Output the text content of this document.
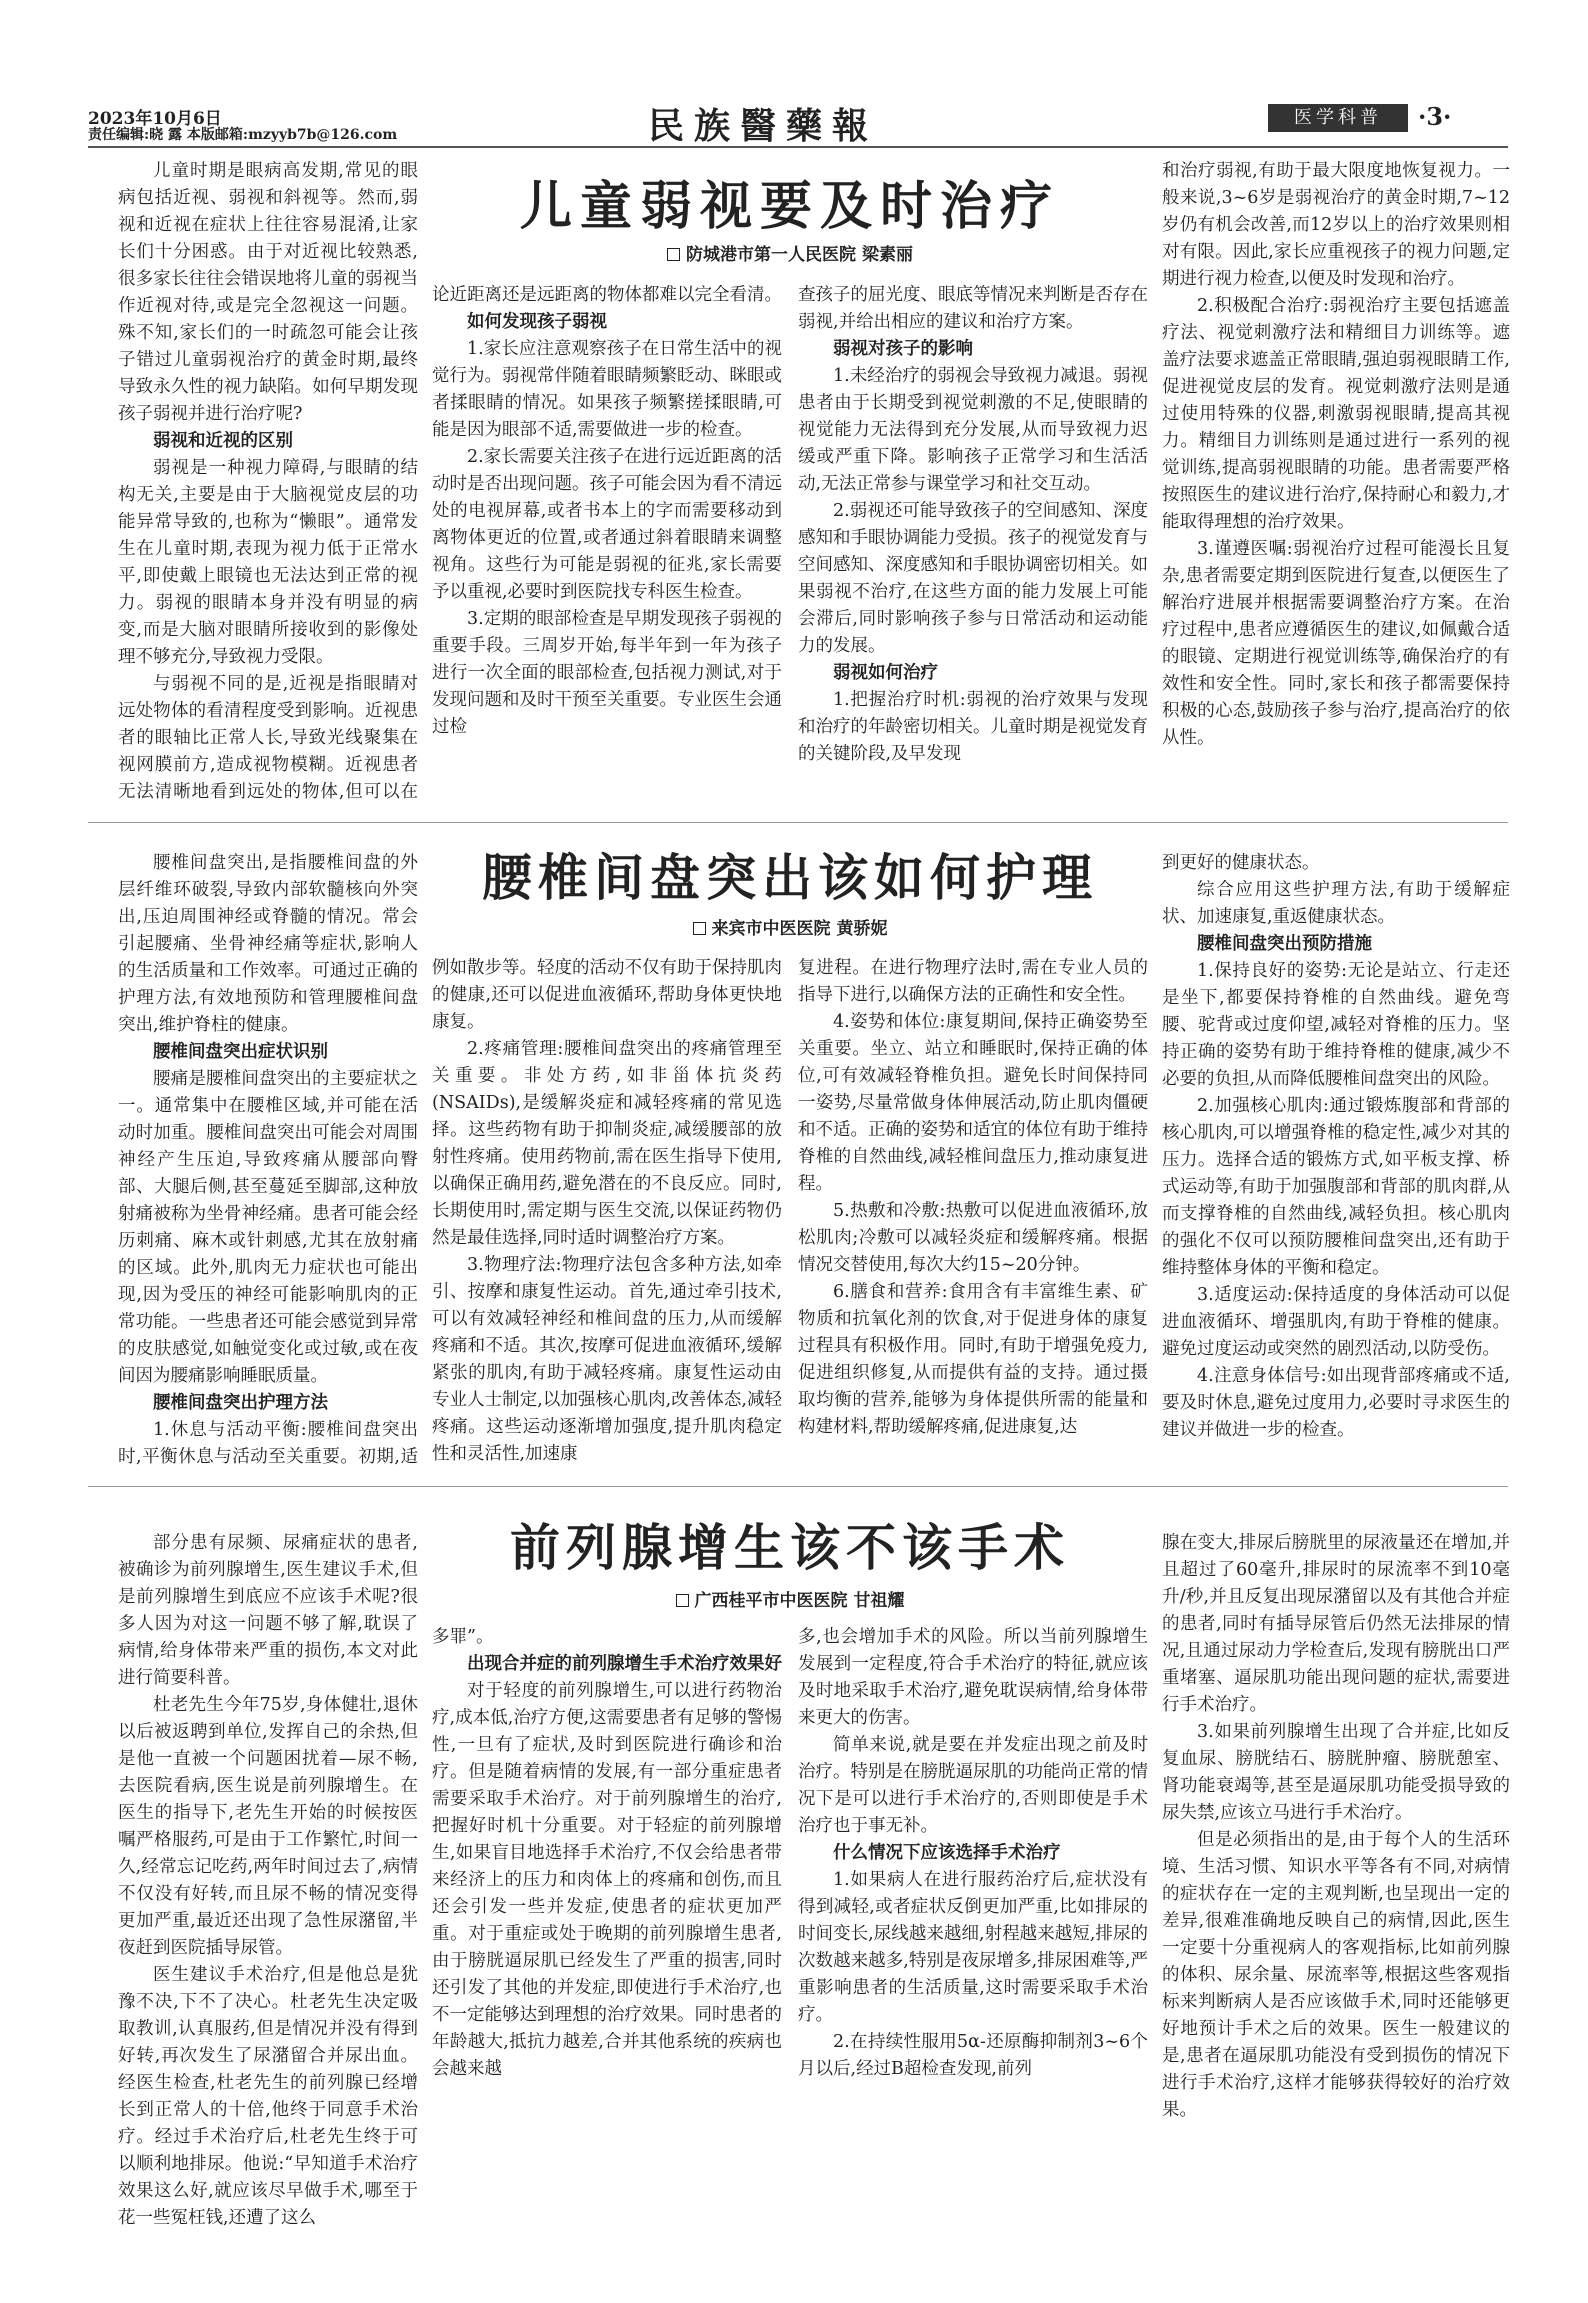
2023年10月6日
责任编辑:晓 露 本版邮箱:mzyyb7b@126.com	民族醫藥報	医学科普	·3·
儿童弱视要及时治疗
防城港市第一人民医院 梁素丽

儿童时期是眼病高发期,常见的眼病包括近视、弱视和斜视等。然而,弱视和近视在症状上往往容易混淆,让家长们十分困惑。由于对近视比较熟悉,很多家长往往会错误地将儿童的弱视当作近视对待,或是完全忽视这一问题。殊不知,家长们的一时疏忽可能会让孩子错过儿童弱视治疗的黄金时期,最终导致永久性的视力缺陷。如何早期发现孩子弱视并进行治疗呢?

弱视和近视的区别

弱视是一种视力障碍,与眼睛的结构无关,主要是由于大脑视觉皮层的功能异常导致的,也称为“懒眼”。通常发生在儿童时期,表现为视力低于正常水平,即使戴上眼镜也无法达到正常的视力。弱视的眼睛本身并没有明显的病变,而是大脑对眼睛所接收到的影像处理不够充分,导致视力受限。

与弱视不同的是,近视是指眼睛对远处物体的看清程度受到影响。近视患者的眼轴比正常人长,导致光线聚集在视网膜前方,造成视物模糊。近视患者无法清晰地看到远处的物体,但可以在

论近距离还是远距离的物体都难以完全看清。

如何发现孩子弱视

1.家长应注意观察孩子在日常生活中的视觉行为。弱视常伴随着眼睛频繁眨动、眯眼或者揉眼睛的情况。如果孩子频繁搓揉眼睛,可能是因为眼部不适,需要做进一步的检查。

2.家长需要关注孩子在进行远近距离的活动时是否出现问题。孩子可能会因为看不清远处的电视屏幕,或者书本上的字而需要移动到离物体更近的位置,或者通过斜着眼睛来调整视角。这些行为可能是弱视的征兆,家长需要予以重视,必要时到医院找专科医生检查。

3.定期的眼部检查是早期发现孩子弱视的重要手段。三周岁开始,每半年到一年为孩子进行一次全面的眼部检查,包括视力测试,对于发现问题和及时干预至关重要。专业医生会通过检

查孩子的屈光度、眼底等情况来判断是否存在弱视,并给出相应的建议和治疗方案。

弱视对孩子的影响

1.未经治疗的弱视会导致视力减退。弱视患者由于长期受到视觉刺激的不足,使眼睛的视觉能力无法得到充分发展,从而导致视力迟缓或严重下降。影响孩子正常学习和生活活动,无法正常参与课堂学习和社交互动。

2.弱视还可能导致孩子的空间感知、深度感知和手眼协调能力受损。孩子的视觉发育与空间感知、深度感知和手眼协调密切相关。如果弱视不治疗,在这些方面的能力发展上可能会滞后,同时影响孩子参与日常活动和运动能力的发展。

弱视如何治疗

1.把握治疗时机:弱视的治疗效果与发现和治疗的年龄密切相关。儿童时期是视觉发育的关键阶段,及早发现

和治疗弱视,有助于最大限度地恢复视力。一般来说,3~6岁是弱视治疗的黄金时期,7~12岁仍有机会改善,而12岁以上的治疗效果则相对有限。因此,家长应重视孩子的视力问题,定期进行视力检查,以便及时发现和治疗。

2.积极配合治疗:弱视治疗主要包括遮盖疗法、视觉刺激疗法和精细目力训练等。遮盖疗法要求遮盖正常眼睛,强迫弱视眼睛工作,促进视觉皮层的发育。视觉刺激疗法则是通过使用特殊的仪器,刺激弱视眼睛,提高其视力。精细目力训练则是通过进行一系列的视觉训练,提高弱视眼睛的功能。患者需要严格按照医生的建议进行治疗,保持耐心和毅力,才能取得理想的治疗效果。

3.谨遵医嘱:弱视治疗过程可能漫长且复杂,患者需要定期到医院进行复查,以便医生了解治疗进展并根据需要调整治疗方案。在治疗过程中,患者应遵循医生的建议,如佩戴合适的眼镜、定期进行视觉训练等,确保治疗的有效性和安全性。同时,家长和孩子都需要保持积极的心态,鼓励孩子参与治疗,提高治疗的依从性。

腰椎间盘突出该如何护理
来宾市中医医院 黄骄妮

腰椎间盘突出,是指腰椎间盘的外层纤维环破裂,导致内部软髓核向外突出,压迫周围神经或脊髓的情况。常会引起腰痛、坐骨神经痛等症状,影响人的生活质量和工作效率。可通过正确的护理方法,有效地预防和管理腰椎间盘突出,维护脊柱的健康。

腰椎间盘突出症状识别

腰痛是腰椎间盘突出的主要症状之一。通常集中在腰椎区域,并可能在活动时加重。腰椎间盘突出可能会对周围神经产生压迫,导致疼痛从腰部向臀部、大腿后侧,甚至蔓延至脚部,这种放射痛被称为坐骨神经痛。患者可能会经历刺痛、麻木或针刺感,尤其在放射痛的区域。此外,肌肉无力症状也可能出现,因为受压的神经可能影响肌肉的正常功能。一些患者还可能会感觉到异常的皮肤感觉,如触觉变化或过敏,或在夜间因为腰痛影响睡眠质量。

腰椎间盘突出护理方法

1.休息与活动平衡:腰椎间盘突出时,平衡休息与活动至关重要。初期,适

例如散步等。轻度的活动不仅有助于保持肌肉的健康,还可以促进血液循环,帮助身体更快地康复。

2.疼痛管理:腰椎间盘突出的疼痛管理至关重要。非处方药,如非甾体抗炎药(NSAIDs),是缓解炎症和减轻疼痛的常见选择。这些药物有助于抑制炎症,减缓腰部的放射性疼痛。使用药物前,需在医生指导下使用,以确保正确用药,避免潜在的不良反应。同时,长期使用时,需定期与医生交流,以保证药物仍然是最佳选择,同时适时调整治疗方案。

3.物理疗法:物理疗法包含多种方法,如牵引、按摩和康复性运动。首先,通过牵引技术,可以有效减轻神经和椎间盘的压力,从而缓解疼痛和不适。其次,按摩可促进血液循环,缓解紧张的肌肉,有助于减轻疼痛。康复性运动由专业人士制定,以加强核心肌肉,改善体态,减轻疼痛。这些运动逐渐增加强度,提升肌肉稳定性和灵活性,加速康

复进程。在进行物理疗法时,需在专业人员的指导下进行,以确保方法的正确性和安全性。

4.姿势和体位:康复期间,保持正确姿势至关重要。坐立、站立和睡眠时,保持正确的体位,可有效减轻脊椎负担。避免长时间保持同一姿势,尽量常做身体伸展活动,防止肌肉僵硬和不适。正确的姿势和适宜的体位有助于维持脊椎的自然曲线,减轻椎间盘压力,推动康复进程。

5.热敷和冷敷:热敷可以促进血液循环,放松肌肉;冷敷可以减轻炎症和缓解疼痛。根据情况交替使用,每次大约15~20分钟。

6.膳食和营养:食用含有丰富维生素、矿物质和抗氧化剂的饮食,对于促进身体的康复过程具有积极作用。同时,有助于增强免疫力,促进组织修复,从而提供有益的支持。通过摄取均衡的营养,能够为身体提供所需的能量和构建材料,帮助缓解疼痛,促进康复,达

到更好的健康状态。

综合应用这些护理方法,有助于缓解症状、加速康复,重返健康状态。

腰椎间盘突出预防措施

1.保持良好的姿势:无论是站立、行走还是坐下,都要保持脊椎的自然曲线。避免弯腰、驼背或过度仰望,减轻对脊椎的压力。坚持正确的姿势有助于维持脊椎的健康,减少不必要的负担,从而降低腰椎间盘突出的风险。

2.加强核心肌肉:通过锻炼腹部和背部的核心肌肉,可以增强脊椎的稳定性,减少对其的压力。选择合适的锻炼方式,如平板支撑、桥式运动等,有助于加强腹部和背部的肌肉群,从而支撑脊椎的自然曲线,减轻负担。核心肌肉的强化不仅可以预防腰椎间盘突出,还有助于维持整体身体的平衡和稳定。

3.适度运动:保持适度的身体活动可以促进血液循环、增强肌肉,有助于脊椎的健康。避免过度运动或突然的剧烈活动,以防受伤。

4.注意身体信号:如出现背部疼痛或不适,要及时休息,避免过度用力,必要时寻求医生的建议并做进一步的检查。

前列腺增生该不该手术
广西桂平市中医医院 甘祖耀

部分患有尿频、尿痛症状的患者,被确诊为前列腺增生,医生建议手术,但是前列腺增生到底应不应该手术呢?很多人因为对这一问题不够了解,耽误了病情,给身体带来严重的损伤,本文对此进行简要科普。

杜老先生今年75岁,身体健壮,退休以后被返聘到单位,发挥自己的余热,但是他一直被一个问题困扰着—尿不畅,去医院看病,医生说是前列腺增生。在医生的指导下,老先生开始的时候按医嘱严格服药,可是由于工作繁忙,时间一久,经常忘记吃药,两年时间过去了,病情不仅没有好转,而且尿不畅的情况变得更加严重,最近还出现了急性尿潴留,半夜赶到医院插导尿管。

医生建议手术治疗,但是他总是犹豫不决,下不了决心。杜老先生决定吸取教训,认真服药,但是情况并没有得到好转,再次发生了尿潴留合并尿出血。经医生检查,杜老先生的前列腺已经增长到正常人的十倍,他终于同意手术治疗。经过手术治疗后,杜老先生终于可以顺利地排尿。他说:“早知道手术治疗效果这么好,就应该尽早做手术,哪至于花一些冤枉钱,还遭了这么

多罪”。

出现合并症的前列腺增生手术治疗效果好

对于轻度的前列腺增生,可以进行药物治疗,成本低,治疗方便,这需要患者有足够的警惕性,一旦有了症状,及时到医院进行确诊和治疗。但是随着病情的发展,有一部分重症患者需要采取手术治疗。对于前列腺增生的治疗,把握好时机十分重要。对于轻症的前列腺增生,如果盲目地选择手术治疗,不仅会给患者带来经济上的压力和肉体上的疼痛和创伤,而且还会引发一些并发症,使患者的症状更加严重。对于重症或处于晚期的前列腺增生患者,由于膀胱逼尿肌已经发生了严重的损害,同时还引发了其他的并发症,即使进行手术治疗,也不一定能够达到理想的治疗效果。同时患者的年龄越大,抵抗力越差,合并其他系统的疾病也会越来越

多,也会增加手术的风险。所以当前列腺增生发展到一定程度,符合手术治疗的特征,就应该及时地采取手术治疗,避免耽误病情,给身体带来更大的伤害。

简单来说,就是要在并发症出现之前及时治疗。特别是在膀胱逼尿肌的功能尚正常的情况下是可以进行手术治疗的,否则即使是手术治疗也于事无补。

什么情况下应该选择手术治疗

1.如果病人在进行服药治疗后,症状没有得到减轻,或者症状反倒更加严重,比如排尿的时间变长,尿线越来越细,射程越来越短,排尿的次数越来越多,特别是夜尿增多,排尿困难等,严重影响患者的生活质量,这时需要采取手术治疗。

2.在持续性服用5α-还原酶抑制剂3~6个月以后,经过B超检查发现,前列

腺在变大,排尿后膀胱里的尿液量还在增加,并且超过了60毫升,排尿时的尿流率不到10毫升/秒,并且反复出现尿潴留以及有其他合并症的患者,同时有插导尿管后仍然无法排尿的情况,且通过尿动力学检查后,发现有膀胱出口严重堵塞、逼尿肌功能出现问题的症状,需要进行手术治疗。

3.如果前列腺增生出现了合并症,比如反复血尿、膀胱结石、膀胱肿瘤、膀胱憩室、肾功能衰竭等,甚至是逼尿肌功能受损导致的尿失禁,应该立马进行手术治疗。

但是必须指出的是,由于每个人的生活环境、生活习惯、知识水平等各有不同,对病情的症状存在一定的主观判断,也呈现出一定的差异,很难准确地反映自己的病情,因此,医生一定要十分重视病人的客观指标,比如前列腺的体积、尿余量、尿流率等,根据这些客观指标来判断病人是否应该做手术,同时还能够更好地预计手术之后的效果。医生一般建议的是,患者在逼尿肌功能没有受到损伤的情况下进行手术治疗,这样才能够获得较好的治疗效果。
